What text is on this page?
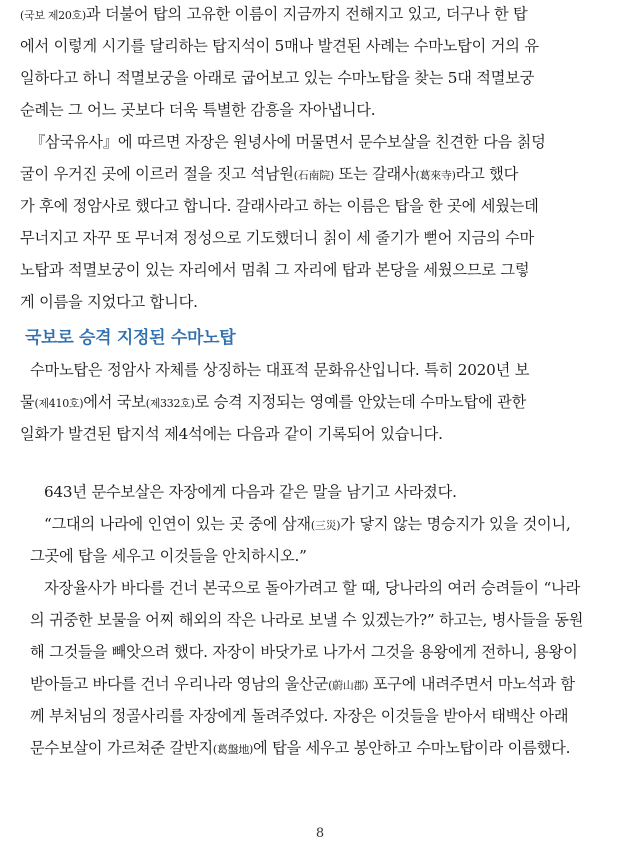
(국보 제20호)과 더불어 탑의 고유한 이름이 지금까지 전해지고 있고, 더구나 한 탑
에서 이렇게 시기를 달리하는 탑지석이 5매나 발견된 사례는 수마노탑이 거의 유
일하다고 하니 적멸보궁을 아래로 굽어보고 있는 수마노탑을 찾는 5대 적멸보궁
순례는 그 어느 곳보다 더욱 특별한 감흥을 자아냅니다.
『삼국유사』에 따르면 자장은 원녕사에 머물면서 문수보살을 친견한 다음 칡덩
굴이 우거진 곳에 이르러 절을 짓고 석남원(石南院) 또는 갈래사(葛來寺)라고 했다
가 후에 정암사로 했다고 합니다. 갈래사라고 하는 이름은 탑을 한 곳에 세웠는데
무너지고 자꾸 또 무너져 정성으로 기도했더니 칡이 세 줄기가 뻗어 지금의 수마
노탑과 적멸보궁이 있는 자리에서 멈춰 그 자리에 탑과 본당을 세웠으므로 그렇
게 이름을 지었다고 합니다.
국보로 승격 지정된 수마노탑
수마노탑은 정암사 자체를 상징하는 대표적 문화유산입니다. 특히 2020년 보
물(제410호)에서 국보(제332호)로 승격 지정되는 영예를 안았는데 수마노탑에 관한
일화가 발견된 탑지석 제4석에는 다음과 같이 기록되어 있습니다.
643년 문수보살은 자장에게 다음과 같은 말을 남기고 사라졌다.
“그대의 나라에 인연이 있는 곳 중에 삼재(三災)가 닿지 않는 명승지가 있을 것이니,
그곳에 탑을 세우고 이것들을 안치하시오.”
자장율사가 바다를 건너 본국으로 돌아가려고 할 때, 당나라의 여러 승려들이 “나라
의 귀중한 보물을 어찌 해외의 작은 나라로 보낼 수 있겠는가?” 하고는, 병사들을 동원
해 그것들을 빼앗으려 했다. 자장이 바닷가로 나가서 그것을 용왕에게 전하니, 용왕이
받아들고 바다를 건너 우리나라 영남의 울산군(蔚山郡) 포구에 내려주면서 마노석과 함
께 부처님의 정골사리를 자장에게 돌려주었다. 자장은 이것들을 받아서 태백산 아래
문수보살이 가르쳐준 갈반지(葛盤地)에 탑을 세우고 봉안하고 수마노탑이라 이름했다.
8
